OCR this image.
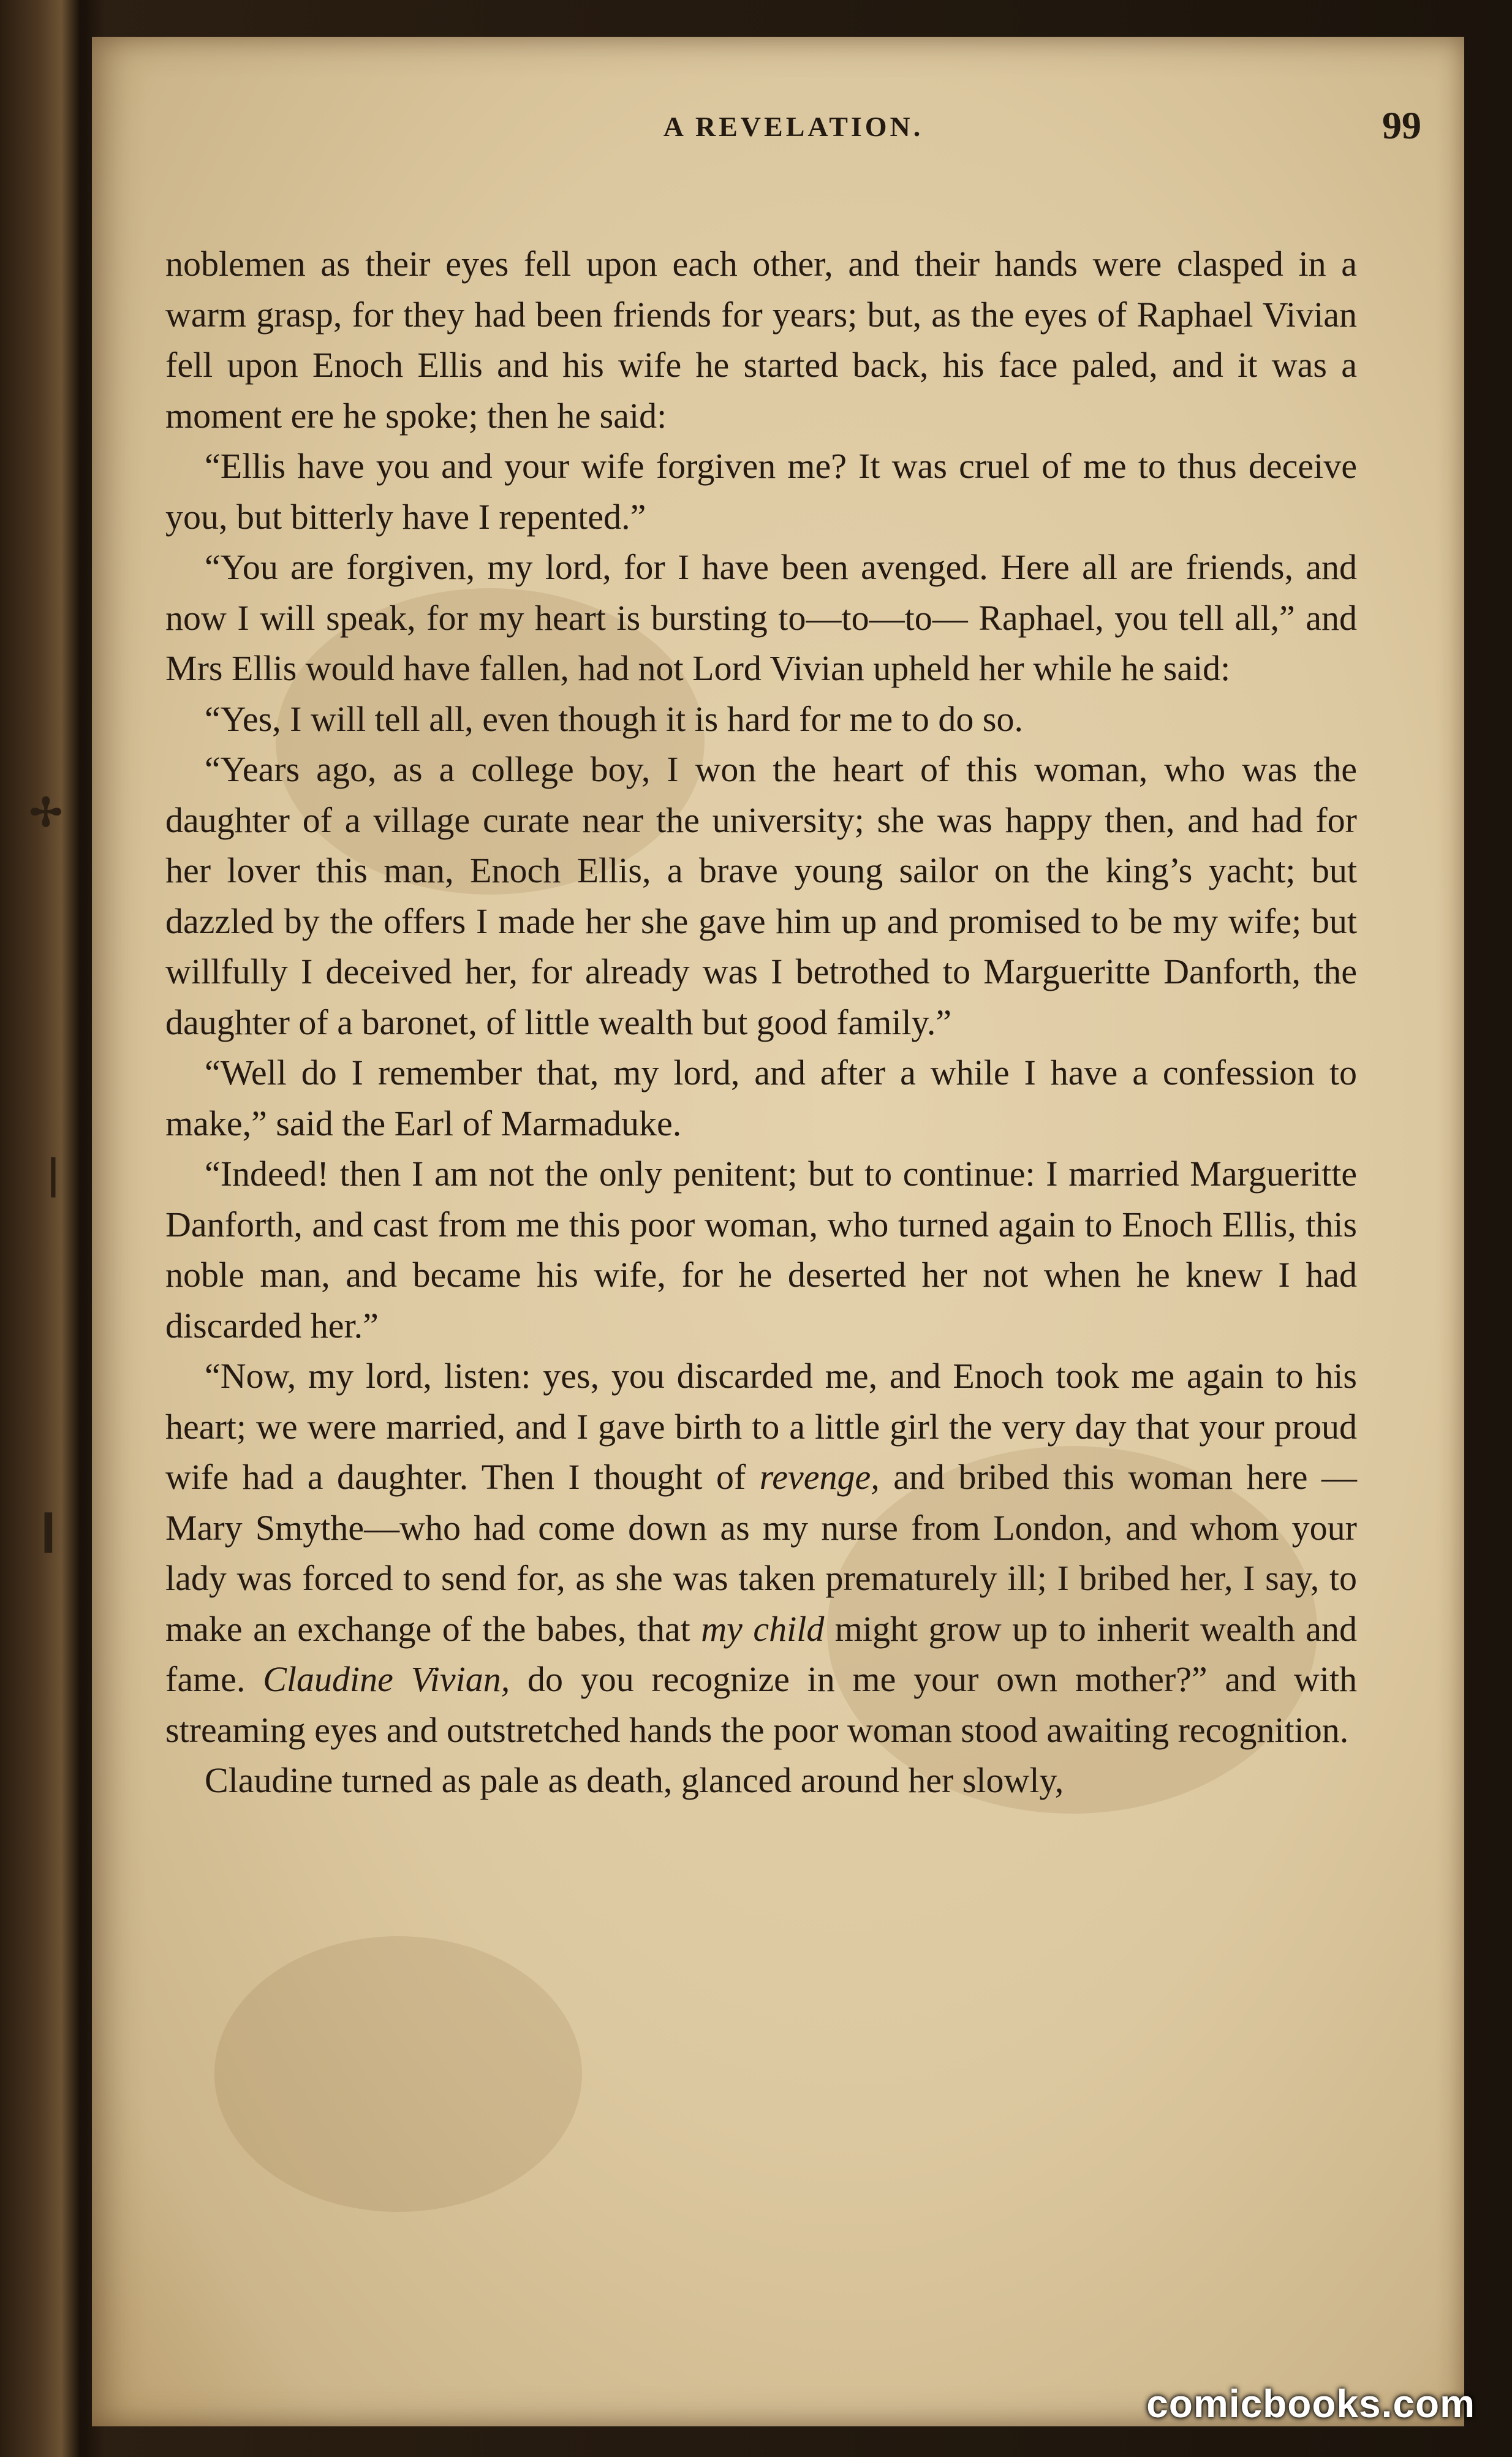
A REVELATION.	99

noblemen as their eyes fell upon each other, and their hands were clasped in a warm grasp, for they had been friends for years; but, as the eyes of Raphael Vivian fell upon Enoch Ellis and his wife he started back, his face paled, and it was a moment ere he spoke; then he said:

“Ellis have you and your wife forgiven me? It was cruel of me to thus deceive you, but bitterly have I repented.”

“You are forgiven, my lord, for I have been avenged. Here all are friends, and now I will speak, for my heart is bursting to—to—to— Raphael, you tell all,” and Mrs Ellis would have fallen, had not Lord Vivian upheld her while he said:

“Yes, I will tell all, even though it is hard for me to do so.

“Years ago, as a college boy, I won the heart of this woman, who was the daughter of a village curate near the university; she was happy then, and had for her lover this man, Enoch Ellis, a brave young sailor on the king’s yacht; but dazzled by the offers I made her she gave him up and promised to be my wife; but willfully I deceived her, for already was I betrothed to Margueritte Danforth, the daughter of a baronet, of little wealth but good family.”

“Well do I remember that, my lord, and after a while I have a confession to make,” said the Earl of Marmaduke.

“Indeed! then I am not the only penitent; but to continue: I married Margueritte Danforth, and cast from me this poor woman, who turned again to Enoch Ellis, this noble man, and became his wife, for he deserted her not when he knew I had discarded her.”

“Now, my lord, listen: yes, you discarded me, and Enoch took me again to his heart; we were married, and I gave birth to a little girl the very day that your proud wife had a daughter. Then I thought of revenge, and bribed this woman here —Mary Smythe—who had come down as my nurse from London, and whom your lady was forced to send for, as she was taken prematurely ill; I bribed her, I say, to make an exchange of the babes, that my child might grow up to inherit wealth and fame. Claudine Vivian, do you recognize in me your own mother?” and with streaming eyes and outstretched hands the poor woman stood awaiting recognition.

Claudine turned as pale as death, glanced around her slowly,

✢
❘
❙
comicbooks.com
